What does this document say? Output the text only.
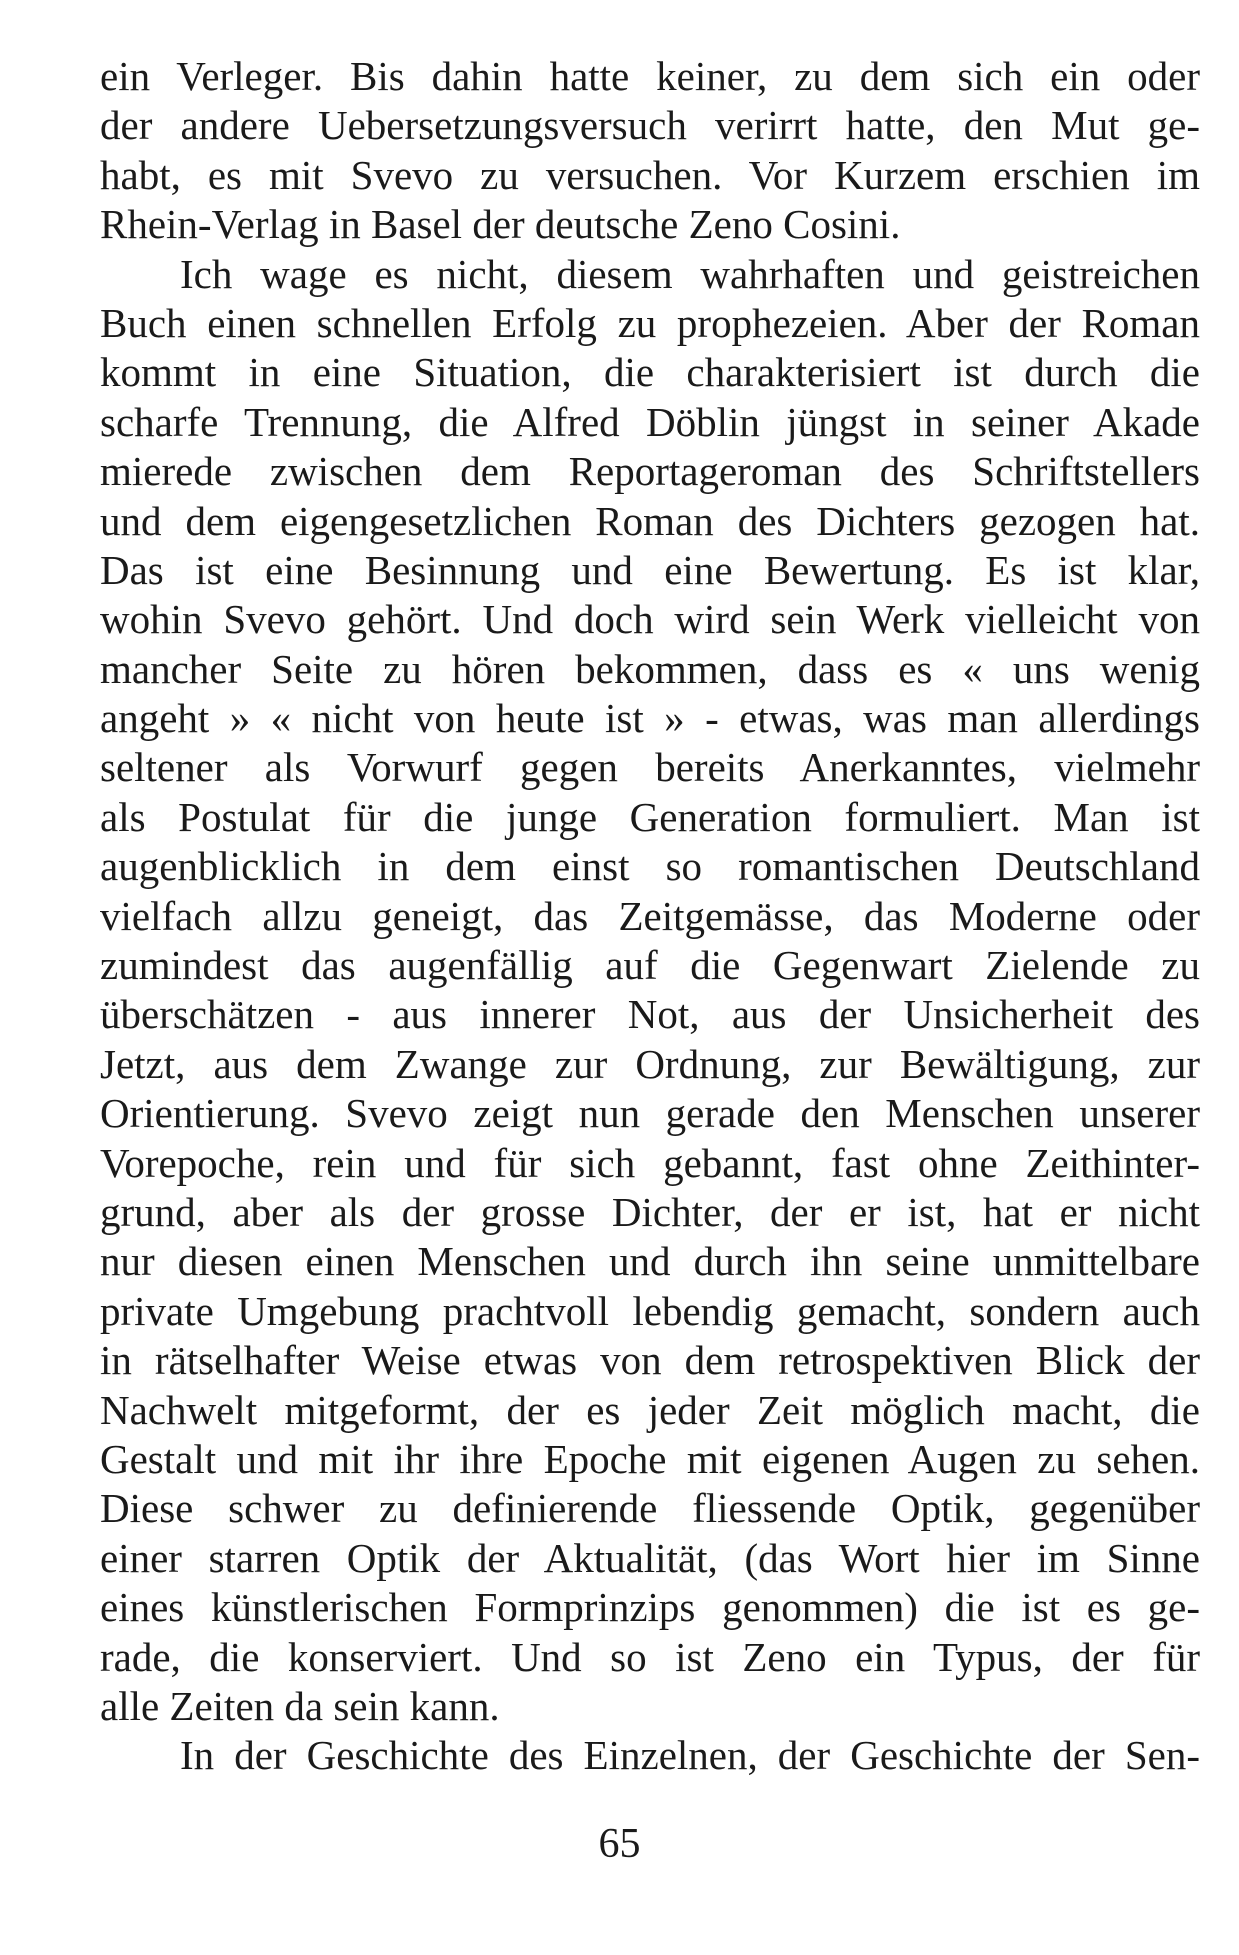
ein Verleger. Bis dahin hatte keiner, zu dem sich ein oder
der andere Uebersetzungsversuch verirrt hatte, den Mut ge-
habt, es mit Svevo zu versuchen. Vor Kurzem erschien im
Rhein-Verlag in Basel der deutsche Zeno Cosini.
Ich wage es nicht, diesem wahrhaften und geistreichen
Buch einen schnellen Erfolg zu prophezeien. Aber der Roman
kommt in eine Situation, die charakterisiert ist durch die
scharfe Trennung, die Alfred Döblin jüngst in seiner Akade
mierede zwischen dem Reportageroman des Schriftstellers
und dem eigengesetzlichen Roman des Dichters gezogen hat.
Das ist eine Besinnung und eine Bewertung. Es ist klar,
wohin Svevo gehört. Und doch wird sein Werk vielleicht von
mancher Seite zu hören bekommen, dass es « uns wenig
angeht » « nicht von heute ist » - etwas, was man allerdings
seltener als Vorwurf gegen bereits Anerkanntes, vielmehr
als Postulat für die junge Generation formuliert. Man ist
augenblicklich in dem einst so romantischen Deutschland
vielfach allzu geneigt, das Zeitgemässe, das Moderne oder
zumindest das augenfällig auf die Gegenwart Zielende zu
überschätzen - aus innerer Not, aus der Unsicherheit des
Jetzt, aus dem Zwange zur Ordnung, zur Bewältigung, zur
Orientierung. Svevo zeigt nun gerade den Menschen unserer
Vorepoche, rein und für sich gebannt, fast ohne Zeithinter-
grund, aber als der grosse Dichter, der er ist, hat er nicht
nur diesen einen Menschen und durch ihn seine unmittelbare
private Umgebung prachtvoll lebendig gemacht, sondern auch
in rätselhafter Weise etwas von dem retrospektiven Blick der
Nachwelt mitgeformt, der es jeder Zeit möglich macht, die
Gestalt und mit ihr ihre Epoche mit eigenen Augen zu sehen.
Diese schwer zu definierende fliessende Optik, gegenüber
einer starren Optik der Aktualität, (das Wort hier im Sinne
eines künstlerischen Formprinzips genommen) die ist es ge-
rade, die konserviert. Und so ist Zeno ein Typus, der für
alle Zeiten da sein kann.
In der Geschichte des Einzelnen, der Geschichte der Sen-
65
